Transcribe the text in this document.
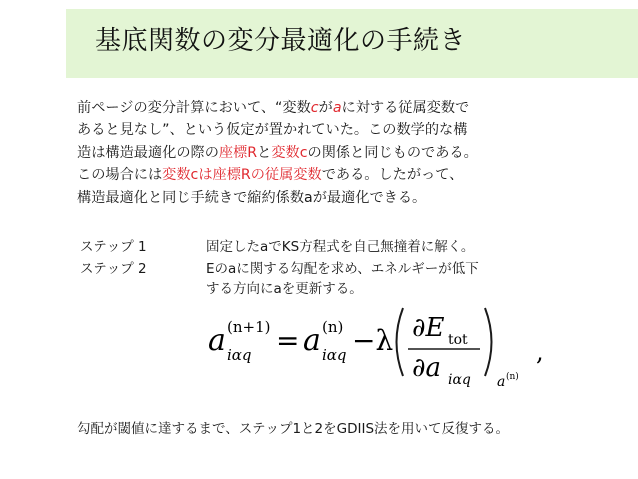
基底関数の変分最適化の手続き
前ページの変分計算において、“変数cがaに対する従属変数で
あると見なし”、という仮定が置かれていた。この数学的な構
造は構造最適化の際の座標Rと変数cの関係と同じものである。
この場合には変数cは座標Rの従属変数である。したがって、
構造最適化と同じ手続きで縮約係数aが最適化できる。
ステップ 1	固定したaでKS方程式を自己無撞着に解く。
ステップ 2	Eのaに関する勾配を求め、エネルギーが低下
する方向にaを更新する。
a (n+1)
iαq = a (n)
iαq −λ ∂E tot
∂a iαq a (n)
,
勾配が閾値に達するまで、ステップ1と2をGDIIS法を用いて反復する。
